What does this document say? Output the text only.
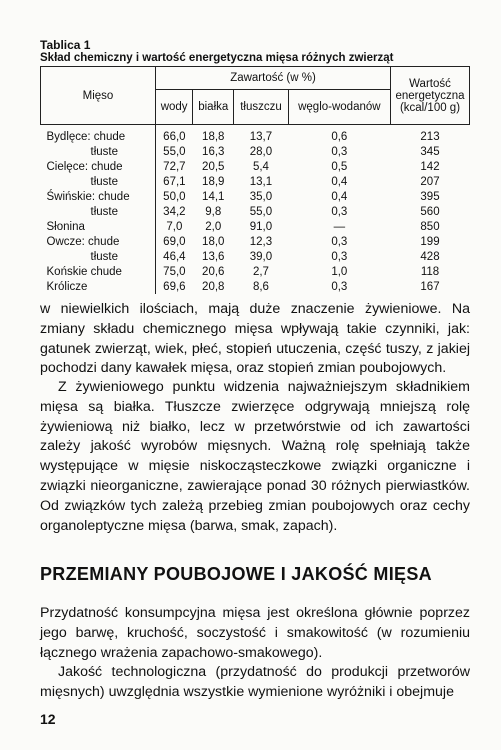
Tablica 1
Skład chemiczny i wartość energetyczna mięsa różnych zwierząt
Mięso	Zawartość (w %)				Wartość energetyczna (kcal/100 g)
	wody	białka	tłuszczu	węglo-wodanów	
Bydlęce: chude	66,0	18,8	13,7	0,6	213
tłuste	55,0	16,3	28,0	0,3	345
Cielęce: chude	72,7	20,5	5,4	0,5	142
tłuste	67,1	18,9	13,1	0,4	207
Świńskie: chude	50,0	14,1	35,0	0,4	395
tłuste	34,2	9,8	55,0	0,3	560
Słonina	7,0	2,0	91,0	—	850
Owcze: chude	69,0	18,0	12,3	0,3	199
tłuste	46,4	13,6	39,0	0,3	428
Końskie chude	75,0	20,6	2,7	1,0	118
Królicze	69,6	20,8	8,6	0,3	167
w niewielkich ilościach, mają duże znaczenie żywieniowe. Na zmiany składu chemicznego mięsa wpływają takie czynniki, jak: gatunek zwierząt, wiek, płeć, stopień utuczenia, część tuszy, z jakiej pochodzi dany kawałek mięsa, oraz stopień zmian poubojowych.
Z żywieniowego punktu widzenia najważniejszym składnikiem mięsa są białka. Tłuszcze zwierzęce odgrywają mniejszą rolę żywieniową niż białko, lecz w przetwórstwie od ich zawartości zależy jakość wyrobów mięsnych. Ważną rolę spełniają także występujące w mięsie niskocząsteczkowe związki organiczne i związki nieorganiczne, zawierające ponad 30 różnych pierwiastków. Od związków tych zależą przebieg zmian poubojowych oraz cechy organoleptyczne mięsa (barwa, smak, zapach).
PRZEMIANY POUBOJOWE I JAKOŚĆ MIĘSA
Przydatność konsumpcyjna mięsa jest określona głównie poprzez jego barwę, kruchość, soczystość i smakowitość (w rozumieniu łącznego wrażenia zapachowo-smakowego).
Jakość technologiczna (przydatność do produkcji przetworów mięsnych) uwzględnia wszystkie wymienione wyróżniki i obejmuje
12
